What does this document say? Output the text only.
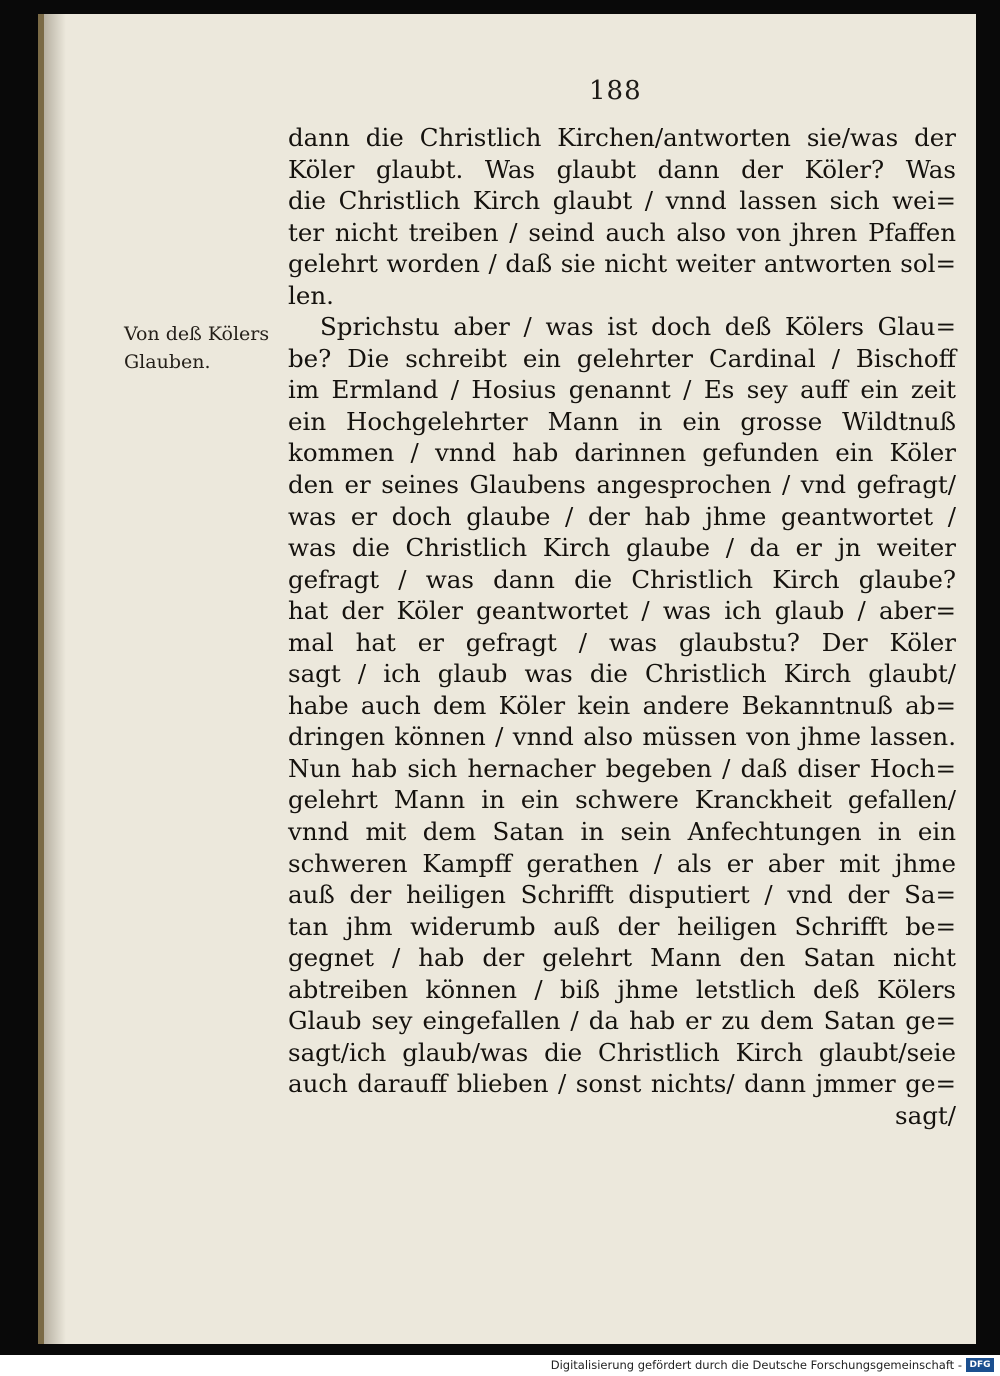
188
Von deß Kölers
Glauben.
dann die Christlich Kirchen/antworten sie/was der
Köler glaubt. Was glaubt dann der Köler? Was
die Christlich Kirch glaubt / vnnd lassen sich wei=
ter nicht treiben / seind auch also von jhren Pfaffen
gelehrt worden / daß sie nicht weiter antworten sol=
len.
Sprichstu aber / was ist doch deß Kölers Glau=
be? Die schreibt ein gelehrter Cardinal / Bischoff
im Ermland / Hosius genannt / Es sey auff ein zeit
ein Hochgelehrter Mann in ein grosse Wildtnuß
kommen / vnnd hab darinnen gefunden ein Köler
den er seines Glaubens angesprochen / vnd gefragt/
was er doch glaube / der hab jhme geantwortet /
was die Christlich Kirch glaube / da er jn weiter
gefragt / was dann die Christlich Kirch glaube?
hat der Köler geantwortet / was ich glaub / aber=
mal hat er gefragt / was glaubstu? Der Köler
sagt / ich glaub was die Christlich Kirch glaubt/
habe auch dem Köler kein andere Bekanntnuß ab=
dringen können / vnnd also müssen von jhme lassen.
Nun hab sich hernacher begeben / daß diser Hoch=
gelehrt Mann in ein schwere Kranckheit gefallen/
vnnd mit dem Satan in sein Anfechtungen in ein
schweren Kampff gerathen / als er aber mit jhme
auß der heiligen Schrifft disputiert / vnd der Sa=
tan jhm widerumb auß der heiligen Schrifft be=
gegnet / hab der gelehrt Mann den Satan nicht
abtreiben können / biß jhme letstlich deß Kölers
Glaub sey eingefallen / da hab er zu dem Satan ge=
sagt/ich glaub/was die Christlich Kirch glaubt/seie
auch darauff blieben / sonst nichts/ dann jmmer ge=
sagt/
Digitalisierung gefördert durch die Deutsche Forschungsgemeinschaft - DFG
